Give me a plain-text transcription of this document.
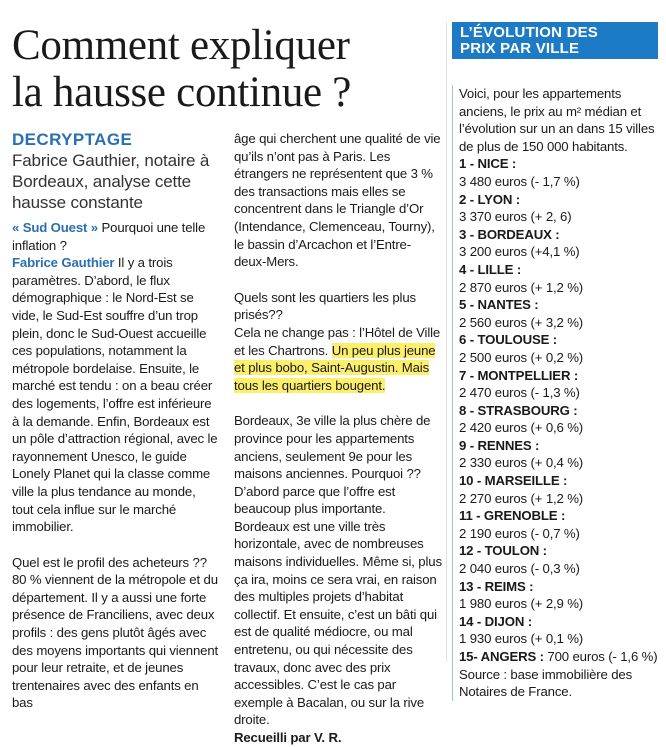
Comment expliquer
la hausse continue ?

DECRYPTAGE

Fabrice Gauthier, notaire à Bordeaux, analyse cette hausse constante

« Sud Ouest » Pourquoi une telle inflation ?

Fabrice Gauthier Il y a trois paramètres. D’abord, le flux démographique : le Nord-Est se vide, le Sud-Est souffre d’un trop plein, donc le Sud-Ouest accueille ces populations, notamment la métropole bordelaise. Ensuite, le marché est tendu : on a beau créer des logements, l’offre est inférieure à la demande. Enfin, Bordeaux est un pôle d’attraction régional, avec le rayonnement Unesco, le guide Lonely Planet qui la classe comme ville la plus tendance au monde, tout cela influe sur le marché immobilier.

Quel est le profil des acheteurs ??

80 % viennent de la métropole et du département. Il y a aussi une forte présence de Franciliens, avec deux profils : des gens plutôt âgés avec des moyens importants qui viennent pour leur retraite, et de jeunes trentenaires avec des enfants en bas

âge qui cherchent une qualité de vie qu’ils n’ont pas à Paris. Les étrangers ne représentent que 3 % des transactions mais elles se concentrent dans le Triangle d’Or (Intendance, Clemenceau, Tourny), le bassin d’Arcachon et l’Entre-deux-Mers.

Quels sont les quartiers les plus prisés??

Cela ne change pas : l’Hôtel de Ville et les Chartrons. Un peu plus jeune et plus bobo, Saint-Augustin. Mais tous les quartiers bougent.

Bordeaux, 3e ville la plus chère de province pour les appartements anciens, seulement 9e pour les maisons anciennes. Pourquoi ??

D’abord parce que l’offre est beaucoup plus importante. Bordeaux est une ville très horizontale, avec de nombreuses maisons individuelles. Même si, plus ça ira, moins ce sera vrai, en raison des multiples projets d’habitat collectif. Et ensuite, c’est un bâti qui est de qualité médiocre, ou mal entretenu, ou qui nécessite des travaux, donc avec des prix accessibles. C’est le cas par exemple à Bacalan, ou sur la rive droite.

Recueilli par V. R.

L’ÉVOLUTION DES
PRIX PAR VILLE

Voici, pour les appartements anciens, le prix au m² médian et l’évolution sur un an dans 15 villes de plus de 150 000 habitants.

1 - NICE :
3 480 euros (- 1,7 %)
2 - LYON :
3 370 euros (+ 2, 6)
3 - BORDEAUX :
3 200 euros (+4,1 %)
4 - LILLE :
2 870 euros (+ 1,2 %)
5 - NANTES :
2 560 euros (+ 3,2 %)
6 - TOULOUSE :
2 500 euros (+ 0,2 %)
7 - MONTPELLIER :
2 470 euros (- 1,3 %)
8 - STRASBOURG :
2 420 euros (+ 0,6 %)
9 - RENNES :
2 330 euros (+ 0,4 %)
10 - MARSEILLE :
2 270 euros (+ 1,2 %)
11 - GRENOBLE :
2 190 euros (- 0,7 %)
12 - TOULON :
2 040 euros (- 0,3 %)
13 - REIMS :
1 980 euros (+ 2,9 %)
14 - DIJON :
1 930 euros (+ 0,1 %)
15- ANGERS : 700 euros (- 1,6 %)
Source : base immobilière des Notaires de France.
